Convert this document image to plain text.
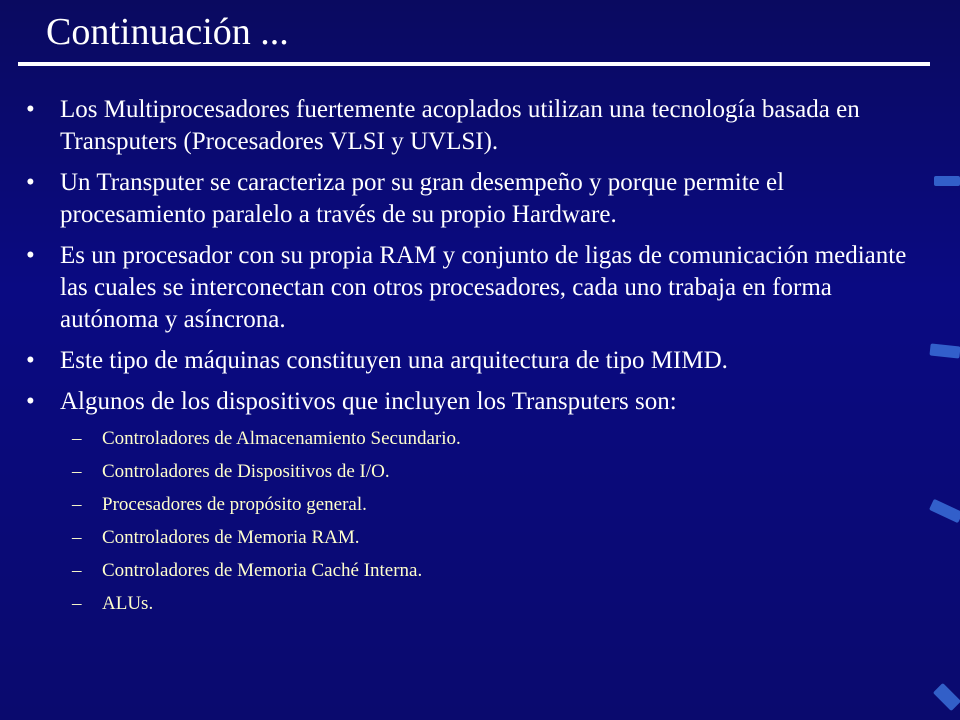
Continuación ...
•	Los Multiprocesadores fuertemente acoplados utilizan una tecnología basada en Transputers (Procesadores VLSI y UVLSI).
•	Un Transputer se caracteriza por su gran desempeño y porque permite el procesamiento paralelo a través de su propio Hardware.
•	Es un procesador con su propia RAM y conjunto de ligas de comunicación mediante las cuales se interconectan con otros procesadores, cada uno trabaja en forma autónoma y asíncrona.
•	Este tipo de máquinas constituyen una arquitectura de tipo MIMD.
•	Algunos de los dispositivos que incluyen los Transputers son:
– Controladores de Almacenamiento Secundario.
– Controladores de Dispositivos de I/O.
– Procesadores de propósito general.
– Controladores de Memoria RAM.
– Controladores de Memoria Caché Interna.
– ALUs.
